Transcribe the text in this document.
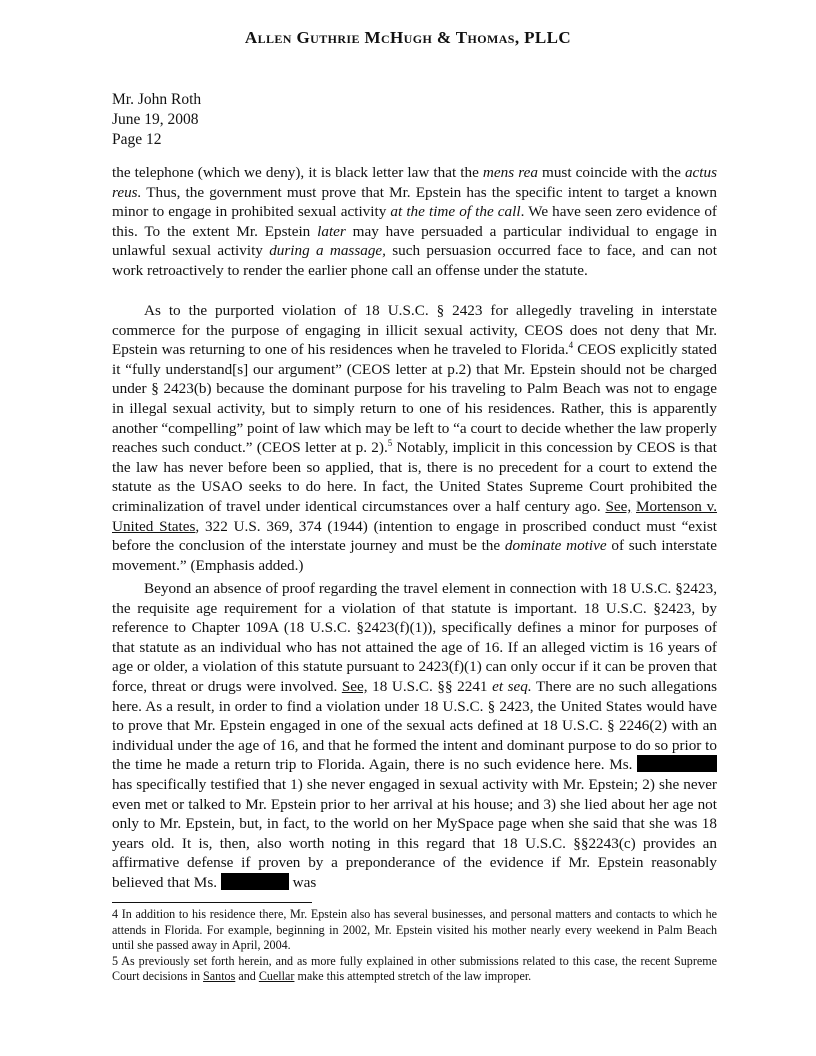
Allen Guthrie McHugh & Thomas, PLLC
Mr. John Roth
June 19, 2008
Page 12

the telephone (which we deny), it is black letter law that the mens rea must coincide with the actus reus. Thus, the government must prove that Mr. Epstein has the specific intent to target a known minor to engage in prohibited sexual activity at the time of the call. We have seen zero evidence of this. To the extent Mr. Epstein later may have persuaded a particular individual to engage in unlawful sexual activity during a massage, such persuasion occurred face to face, and can not work retroactively to render the earlier phone call an offense under the statute.

As to the purported violation of 18 U.S.C. § 2423 for allegedly traveling in interstate commerce for the purpose of engaging in illicit sexual activity, CEOS does not deny that Mr. Epstein was returning to one of his residences when he traveled to Florida.$^4$ CEOS explicitly stated it “fully understand[s] our argument” (CEOS letter at p.2) that Mr. Epstein should not be charged under § 2423(b) because the dominant purpose for his traveling to Palm Beach was not to engage in illegal sexual activity, but to simply return to one of his residences. Rather, this is apparently another “compelling” point of law which may be left to “a court to decide whether the law properly reaches such conduct.” (CEOS letter at p. 2).$^5$ Notably, implicit in this concession by CEOS is that the law has never before been so applied, that is, there is no precedent for a court to extend the statute as the USAO seeks to do here. In fact, the United States Supreme Court prohibited the criminalization of travel under identical circumstances over a half century ago. See, Mortenson v. United States, 322 U.S. 369, 374 (1944) (intention to engage in proscribed conduct must “exist before the conclusion of the interstate journey and must be the dominate motive of such interstate movement.” (Emphasis added.)

Beyond an absence of proof regarding the travel element in connection with 18 U.S.C. §2423, the requisite age requirement for a violation of that statute is important. 18 U.S.C. §2423, by reference to Chapter 109A (18 U.S.C. §2423(f)(1)), specifically defines a minor for purposes of that statute as an individual who has not attained the age of 16. If an alleged victim is 16 years of age or older, a violation of this statute pursuant to 2423(f)(1) can only occur if it can be proven that force, threat or drugs were involved. See, 18 U.S.C. §§ 2241 et seq. There are no such allegations here. As a result, in order to find a violation under 18 U.S.C. § 2423, the United States would have to prove that Mr. Epstein engaged in one of the sexual acts defined at 18 U.S.C. § 2246(2) with an individual under the age of 16, and that he formed the intent and dominant purpose to do so prior to the time he made a return trip to Florida. Again, there is no such evidence here. Ms.  has specifically testified that 1) she never engaged in sexual activity with Mr. Epstein; 2) she never even met or talked to Mr. Epstein prior to her arrival at his house; and 3) she lied about her age not only to Mr. Epstein, but, in fact, to the world on her MySpace page when she said that she was 18 years old. It is, then, also worth noting in this regard that 18 U.S.C. §§2243(c) provides an affirmative defense if proven by a preponderance of the evidence if Mr. Epstein reasonably believed that Ms.	was

4 In addition to his residence there, Mr. Epstein also has several businesses, and personal matters and contacts to which he attends in Florida. For example, beginning in 2002, Mr. Epstein visited his mother nearly every weekend in Palm Beach until she passed away in April, 2004.

5 As previously set forth herein, and as more fully explained in other submissions related to this case, the recent Supreme Court decisions in Santos and Cuellar make this attempted stretch of the law improper.
